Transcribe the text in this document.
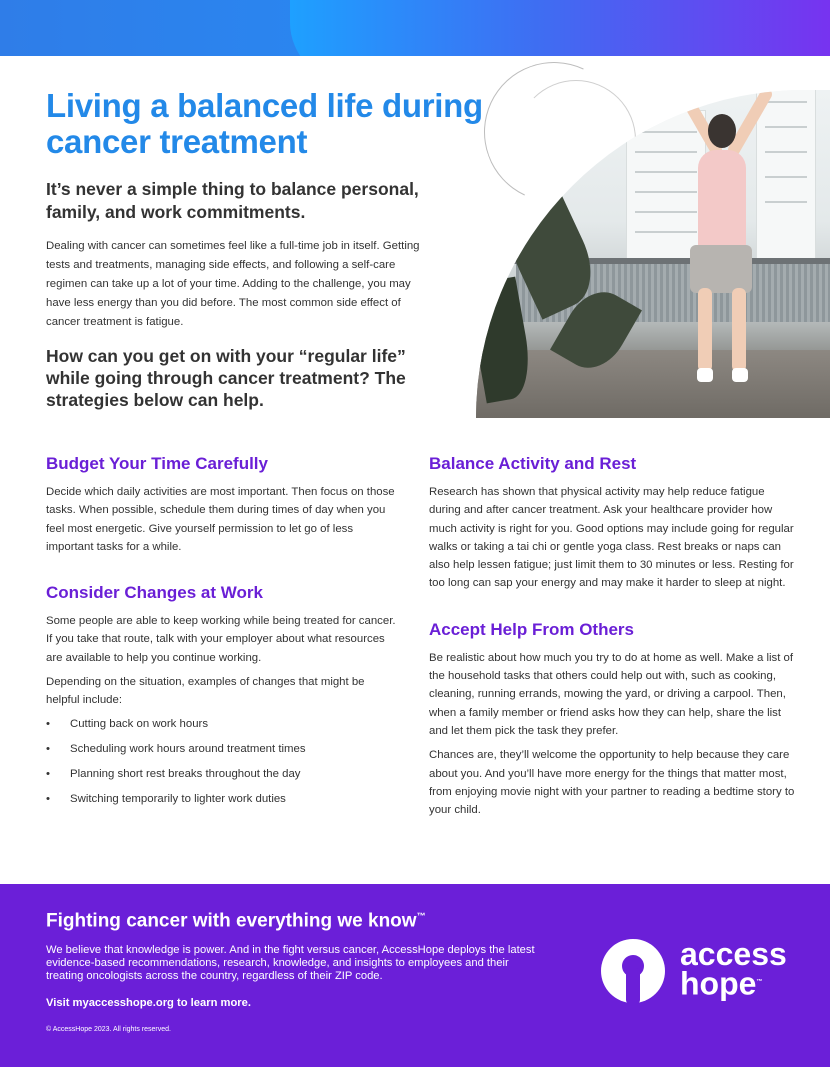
Living a balanced life during cancer treatment
It’s never a simple thing to balance personal, family, and work commitments.

Dealing with cancer can sometimes feel like a full-time job in itself. Getting tests and treatments, managing side effects, and following a self-care regimen can take up a lot of your time. Adding to the challenge, you may have less energy than you did before. The most common side effect of cancer treatment is fatigue.

How can you get on with your “regular life” while going through cancer treatment? The strategies below can help.
Budget Your Time Carefully

Decide which daily activities are most important. Then focus on those tasks. When possible, schedule them during times of day when you feel most energetic. Give yourself permission to let go of less important tasks for a while.

Consider Changes at Work

Some people are able to keep working while being treated for cancer. If you take that route, talk with your employer about what resources are available to help you continue working.

Depending on the situation, examples of changes that might be helpful include:

• Cutting back on work hours
• Scheduling work hours around treatment times
• Planning short rest breaks throughout the day
• Switching temporarily to lighter work duties
Balance Activity and Rest

Research has shown that physical activity may help reduce fatigue during and after cancer treatment. Ask your healthcare provider how much activity is right for you. Good options may include going for regular walks or taking a tai chi or gentle yoga class. Rest breaks or naps can also help lessen fatigue; just limit them to 30 minutes or less. Resting for too long can sap your energy and may make it harder to sleep at night.

Accept Help From Others

Be realistic about how much you try to do at home as well. Make a list of the household tasks that others could help out with, such as cooking, cleaning, running errands, mowing the yard, or driving a carpool. Then, when a family member or friend asks how they can help, share the list and let them pick the task they prefer.

Chances are, they’ll welcome the opportunity to help because they care about you. And you’ll have more energy for the things that matter most, from enjoying movie night with your partner to reading a bedtime story to your child.

Fighting cancer with everything we know™

We believe that knowledge is power. And in the fight versus cancer, AccessHope deploys the latest evidence-based recommendations, research, knowledge, and insights to employees and their treating oncologists across the country, regardless of their ZIP code.

Visit myaccesshope.org to learn more.

© AccessHope 2023. All rights reserved.

access
hope™
